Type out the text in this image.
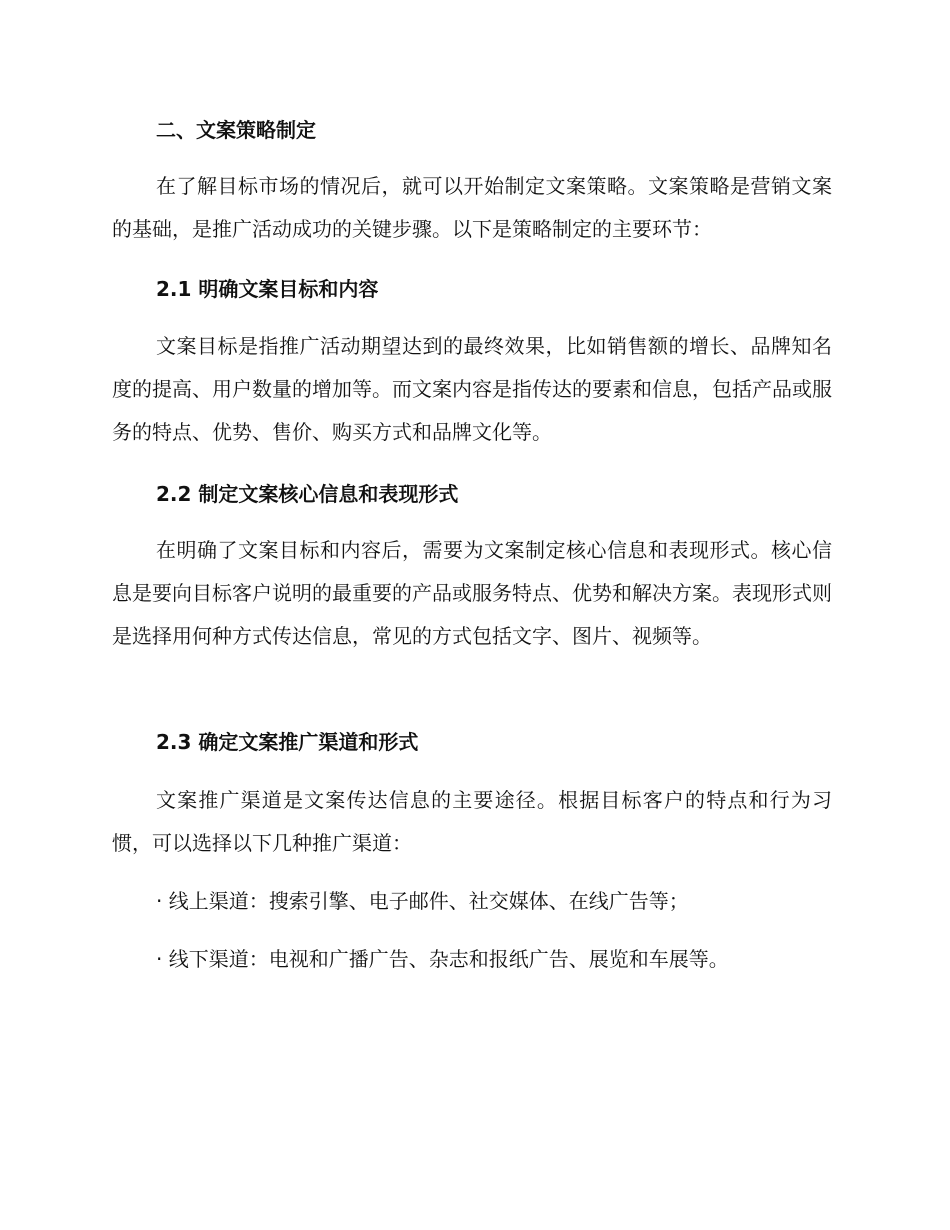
二、文案策略制定
在了解目标市场的情况后，就可以开始制定文案策略。文案策略是营销文案的基础，是推广活动成功的关键步骤。以下是策略制定的主要环节：
2.1 明确文案目标和内容
文案目标是指推广活动期望达到的最终效果，比如销售额的增长、品牌知名度的提高、用户数量的增加等。而文案内容是指传达的要素和信息，包括产品或服务的特点、优势、售价、购买方式和品牌文化等。
2.2 制定文案核心信息和表现形式
在明确了文案目标和内容后，需要为文案制定核心信息和表现形式。核心信息是要向目标客户说明的最重要的产品或服务特点、优势和解决方案。表现形式则是选择用何种方式传达信息，常见的方式包括文字、图片、视频等。
2.3 确定文案推广渠道和形式
文案推广渠道是文案传达信息的主要途径。根据目标客户的特点和行为习惯，可以选择以下几种推广渠道：
· 线上渠道：搜索引擎、电子邮件、社交媒体、在线广告等；
· 线下渠道：电视和广播广告、杂志和报纸广告、展览和车展等。
